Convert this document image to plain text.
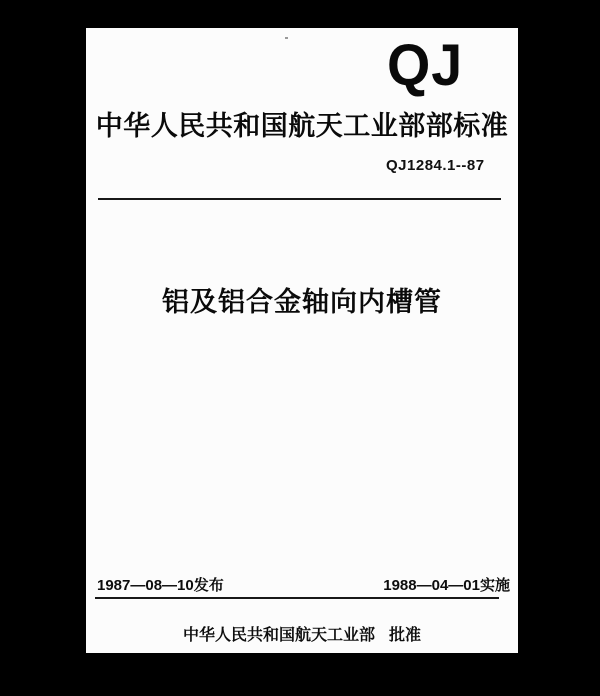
QJ
中华人民共和国航天工业部部标准
QJ1284.1--87
铝及铝合金轴向内槽管
1987—08—10发布	1988—04—01实施
中华人民共和国航天工业部 批准
